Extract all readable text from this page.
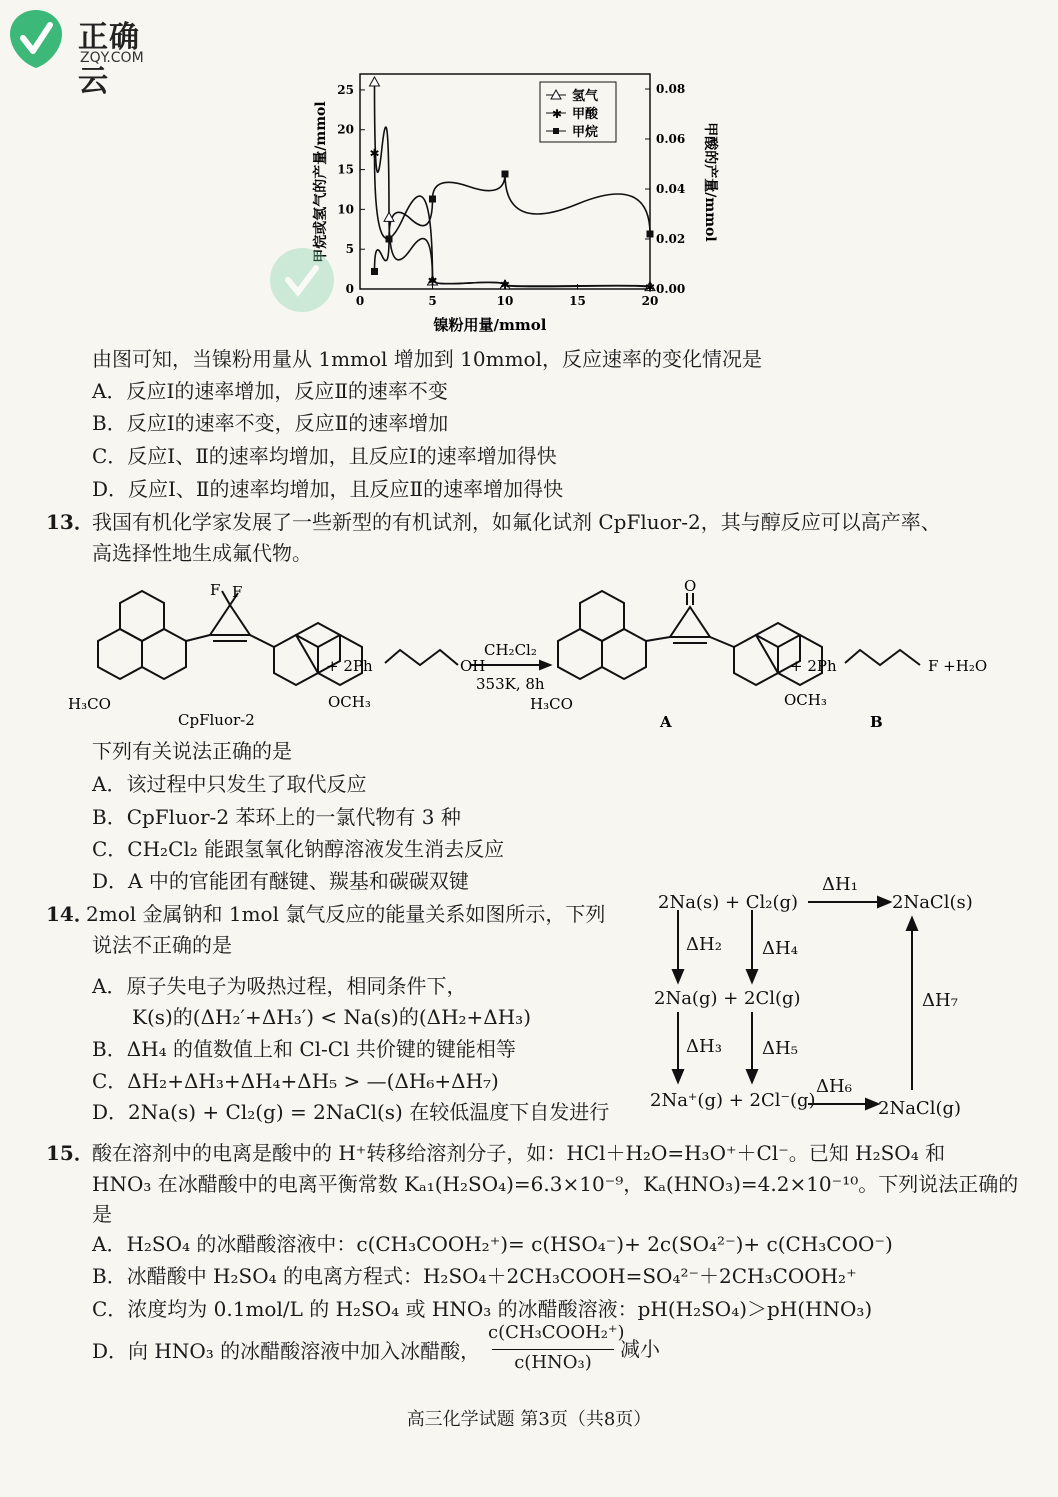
正确云
ZQY.COM
0	5	10	15	20
0
5
10
15
20
25
0.00
0.02
0.04
0.06
0.08
✱
✱	✱	✱
氢气
✱ 甲酸
甲烷
镍粉用量/mmol
甲烷或氢气的产量/mmol	甲酸的产量/mmol
由图可知，当镍粉用量从 1mmol 增加到 10mmol，反应速率的变化情况是
A．反应Ⅰ的速率增加，反应Ⅱ的速率不变
B．反应Ⅰ的速率不变，反应Ⅱ的速率增加
C．反应Ⅰ、Ⅱ的速率均增加，且反应Ⅰ的速率增加得快
D．反应Ⅰ、Ⅱ的速率均增加，且反应Ⅱ的速率增加得快
13．
我国有机化学家发展了一些新型的有机试剂，如氟化试剂 CpFluor-2，其与醇反应可以高产率、
高选择性地生成氟代物。
F F
H₃CO	OCH₃
CpFluor-2
+ 2Ph	OH
CH₂Cl₂
353K, 8h
O
H₃CO	OCH₃
+ 2Ph	F +H₂O
A	B
下列有关说法正确的是
A．该过程中只发生了取代反应
B．CpFluor-2 苯环上的一氯代物有 3 种
C．CH₂Cl₂ 能跟氢氧化钠醇溶液发生消去反应
D．A 中的官能团有醚键、羰基和碳碳双键
14．
2mol 金属钠和 1mol 氯气反应的能量关系如图所示，下列
说法不正确的是
A．原子失电子为吸热过程，相同条件下，
K(s)的(ΔH₂′+ΔH₃′) < Na(s)的(ΔH₂+ΔH₃)
B．ΔH₄ 的值数值上和 Cl-Cl 共价键的键能相等
C．ΔH₂+ΔH₃+ΔH₄+ΔH₅ > —(ΔH₆+ΔH₇)
D．2Na(s) + Cl₂(g) = 2NaCl(s) 在较低温度下自发进行
2Na(s) + Cl₂(g)	2NaCl(s)
2Na(g) + 2Cl(g)
2Na⁺(g) + 2Cl⁻(g)	2NaCl(g)
ΔH₁
ΔH₂ ΔH₄
ΔH₃ ΔH₅
ΔH₆
ΔH₇
15．
酸在溶剂中的电离是酸中的 H⁺转移给溶剂分子，如：HCl＋H₂O=H₃O⁺＋Cl⁻。已知 H₂SO₄ 和
HNO₃ 在冰醋酸中的电离平衡常数 Kₐ₁(H₂SO₄)=6.3×10⁻⁹，Kₐ(HNO₃)=4.2×10⁻¹⁰。下列说法正确的
是
A．H₂SO₄ 的冰醋酸溶液中：c(CH₃COOH₂⁺)= c(HSO₄⁻)+ 2c(SO₄²⁻)+ c(CH₃COO⁻)
B．冰醋酸中 H₂SO₄ 的电离方程式：H₂SO₄＋2CH₃COOH=SO₄²⁻＋2CH₃COOH₂⁺
C．浓度均为 0.1mol/L 的 H₂SO₄ 或 HNO₃ 的冰醋酸溶液：pH(H₂SO₄)＞pH(HNO₃)
D．向 HNO₃ 的冰醋酸溶液中加入冰醋酸，
c(CH₃COOH₂⁺)
c(HNO₃)
减小
高三化学试题 第3页（共8页）
